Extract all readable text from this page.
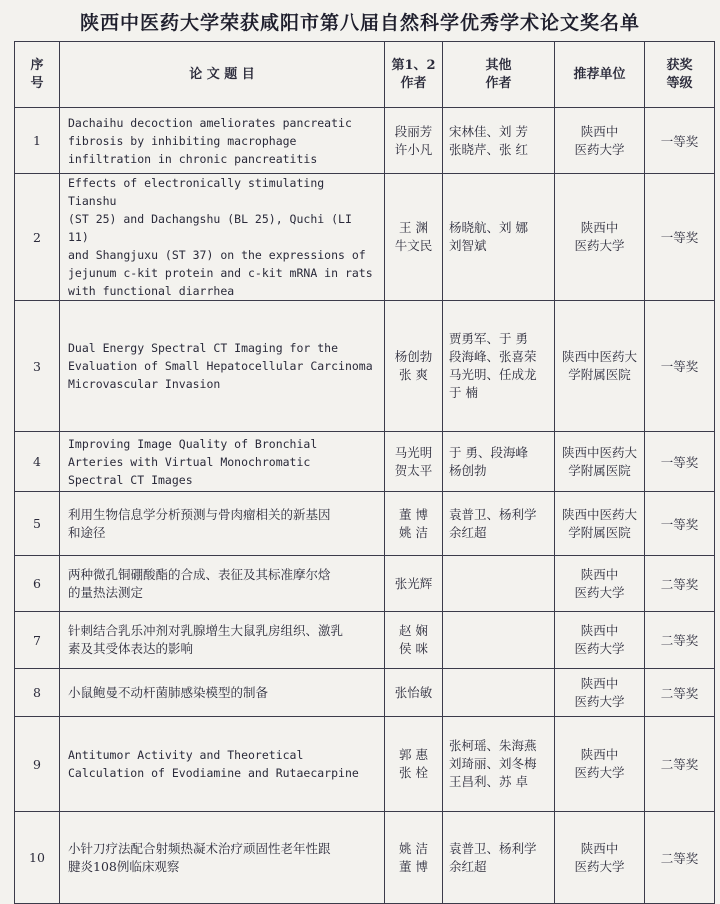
陕西中医药大学荣获咸阳市第八届自然科学优秀学术论文奖名单
序
号	论 文 题 目	第1、2
作者	其他
作者	推荐单位	获奖
等级

1	Dachaihu decoction ameliorates pancreatic
fibrosis by inhibiting macrophage
infiltration in chronic pancreatitis	段丽芳
许小凡	宋林佳、刘 芳
张晓芹、张 红	陕西中
医药大学	一等奖
2	Effects of electronically stimulating Tianshu
(ST 25) and Dachangshu (BL 25), Quchi (LI 11)
and Shangjuxu (ST 37) on the expressions of
jejunum c-kit protein and c-kit mRNA in rats
with functional diarrhea	王 渊
牛文民	杨晓航、刘 娜
刘智斌	陕西中
医药大学	一等奖
3	Dual Energy Spectral CT Imaging for the
Evaluation of Small Hepatocellular Carcinoma
Microvascular Invasion	杨创勃
张 爽	贾勇军、于 勇
段海峰、张喜荣
马光明、任成龙
于 楠	陕西中医药大
学附属医院	一等奖
4	Improving Image Quality of Bronchial
Arteries with Virtual Monochromatic
Spectral CT Images	马光明
贺太平	于 勇、段海峰
杨创勃	陕西中医药大
学附属医院	一等奖
5	利用生物信息学分析预测与骨肉瘤相关的新基因
和途径	董 博
姚 洁	袁普卫、杨利学
余红超	陕西中医药大
学附属医院	一等奖
6	两种微孔铜硼酸酯的合成、表征及其标准摩尔焓
的量热法测定	张光辉		陕西中
医药大学	二等奖
7	针刺结合乳乐冲剂对乳腺增生大鼠乳房组织、激乳
素及其受体表达的影响	赵 娴
侯 咪		陕西中
医药大学	二等奖
8	小鼠鲍曼不动杆菌肺感染模型的制备	张怡敏		陕西中
医药大学	二等奖
9	Antitumor Activity and Theoretical
Calculation of Evodiamine and Rutaecarpine	郭 惠
张 栓	张柯瑶、朱海燕
刘琦丽、刘冬梅
王昌利、苏 卓	陕西中
医药大学	二等奖
10	小针刀疗法配合射频热凝术治疗顽固性老年性跟
腱炎108例临床观察	姚 洁
董 博	袁普卫、杨利学
余红超	陕西中
医药大学	二等奖
